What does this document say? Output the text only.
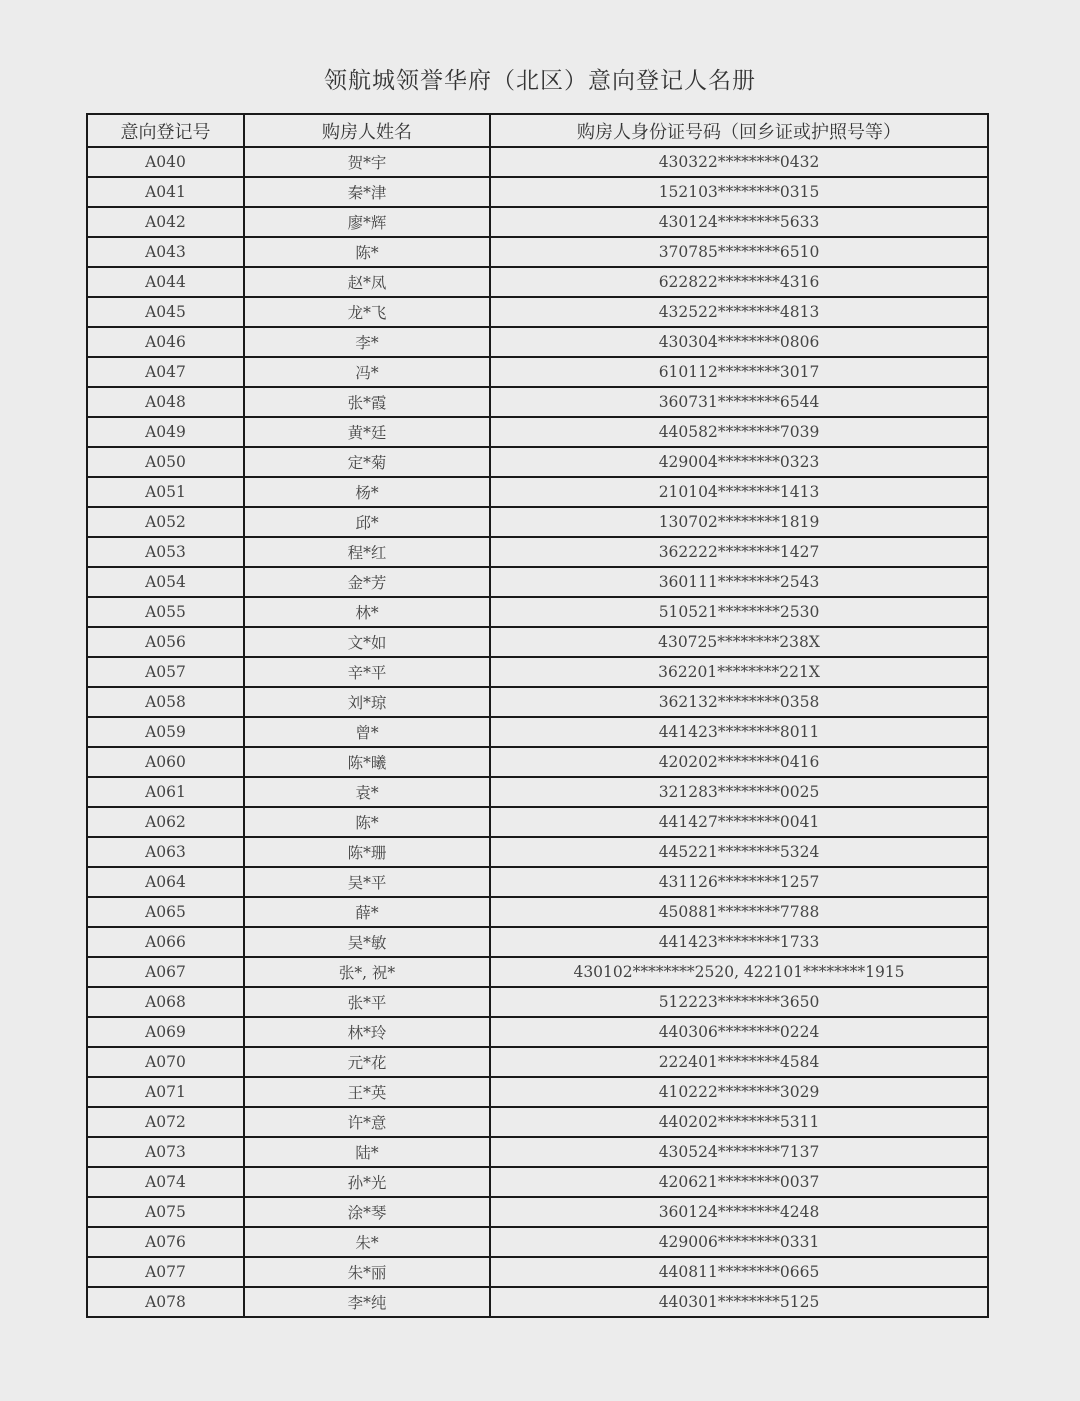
领航城领誉华府（北区）意向登记人名册
意向登记号	购房人姓名	购房人身份证号码（回乡证或护照号等）
A040	贺*宇	430322********0432
A041	秦*津	152103********0315
A042	廖*辉	430124********5633
A043	陈*	370785********6510
A044	赵*凤	622822********4316
A045	龙*飞	432522********4813
A046	李*	430304********0806
A047	冯*	610112********3017
A048	张*霞	360731********6544
A049	黄*廷	440582********7039
A050	定*菊	429004********0323
A051	杨*	210104********1413
A052	邱*	130702********1819
A053	程*红	362222********1427
A054	金*芳	360111********2543
A055	林*	510521********2530
A056	文*如	430725********238X
A057	辛*平	362201********221X
A058	刘*琼	362132********0358
A059	曾*	441423********8011
A060	陈*曦	420202********0416
A061	袁*	321283********0025
A062	陈*	441427********0041
A063	陈*珊	445221********5324
A064	吴*平	431126********1257
A065	薛*	450881********7788
A066	吴*敏	441423********1733
A067	张*, 祝*	430102********2520, 422101********1915
A068	张*平	512223********3650
A069	林*玲	440306********0224
A070	元*花	222401********4584
A071	王*英	410222********3029
A072	许*意	440202********5311
A073	陆*	430524********7137
A074	孙*光	420621********0037
A075	涂*琴	360124********4248
A076	朱*	429006********0331
A077	朱*丽	440811********0665
A078	李*纯	440301********5125
